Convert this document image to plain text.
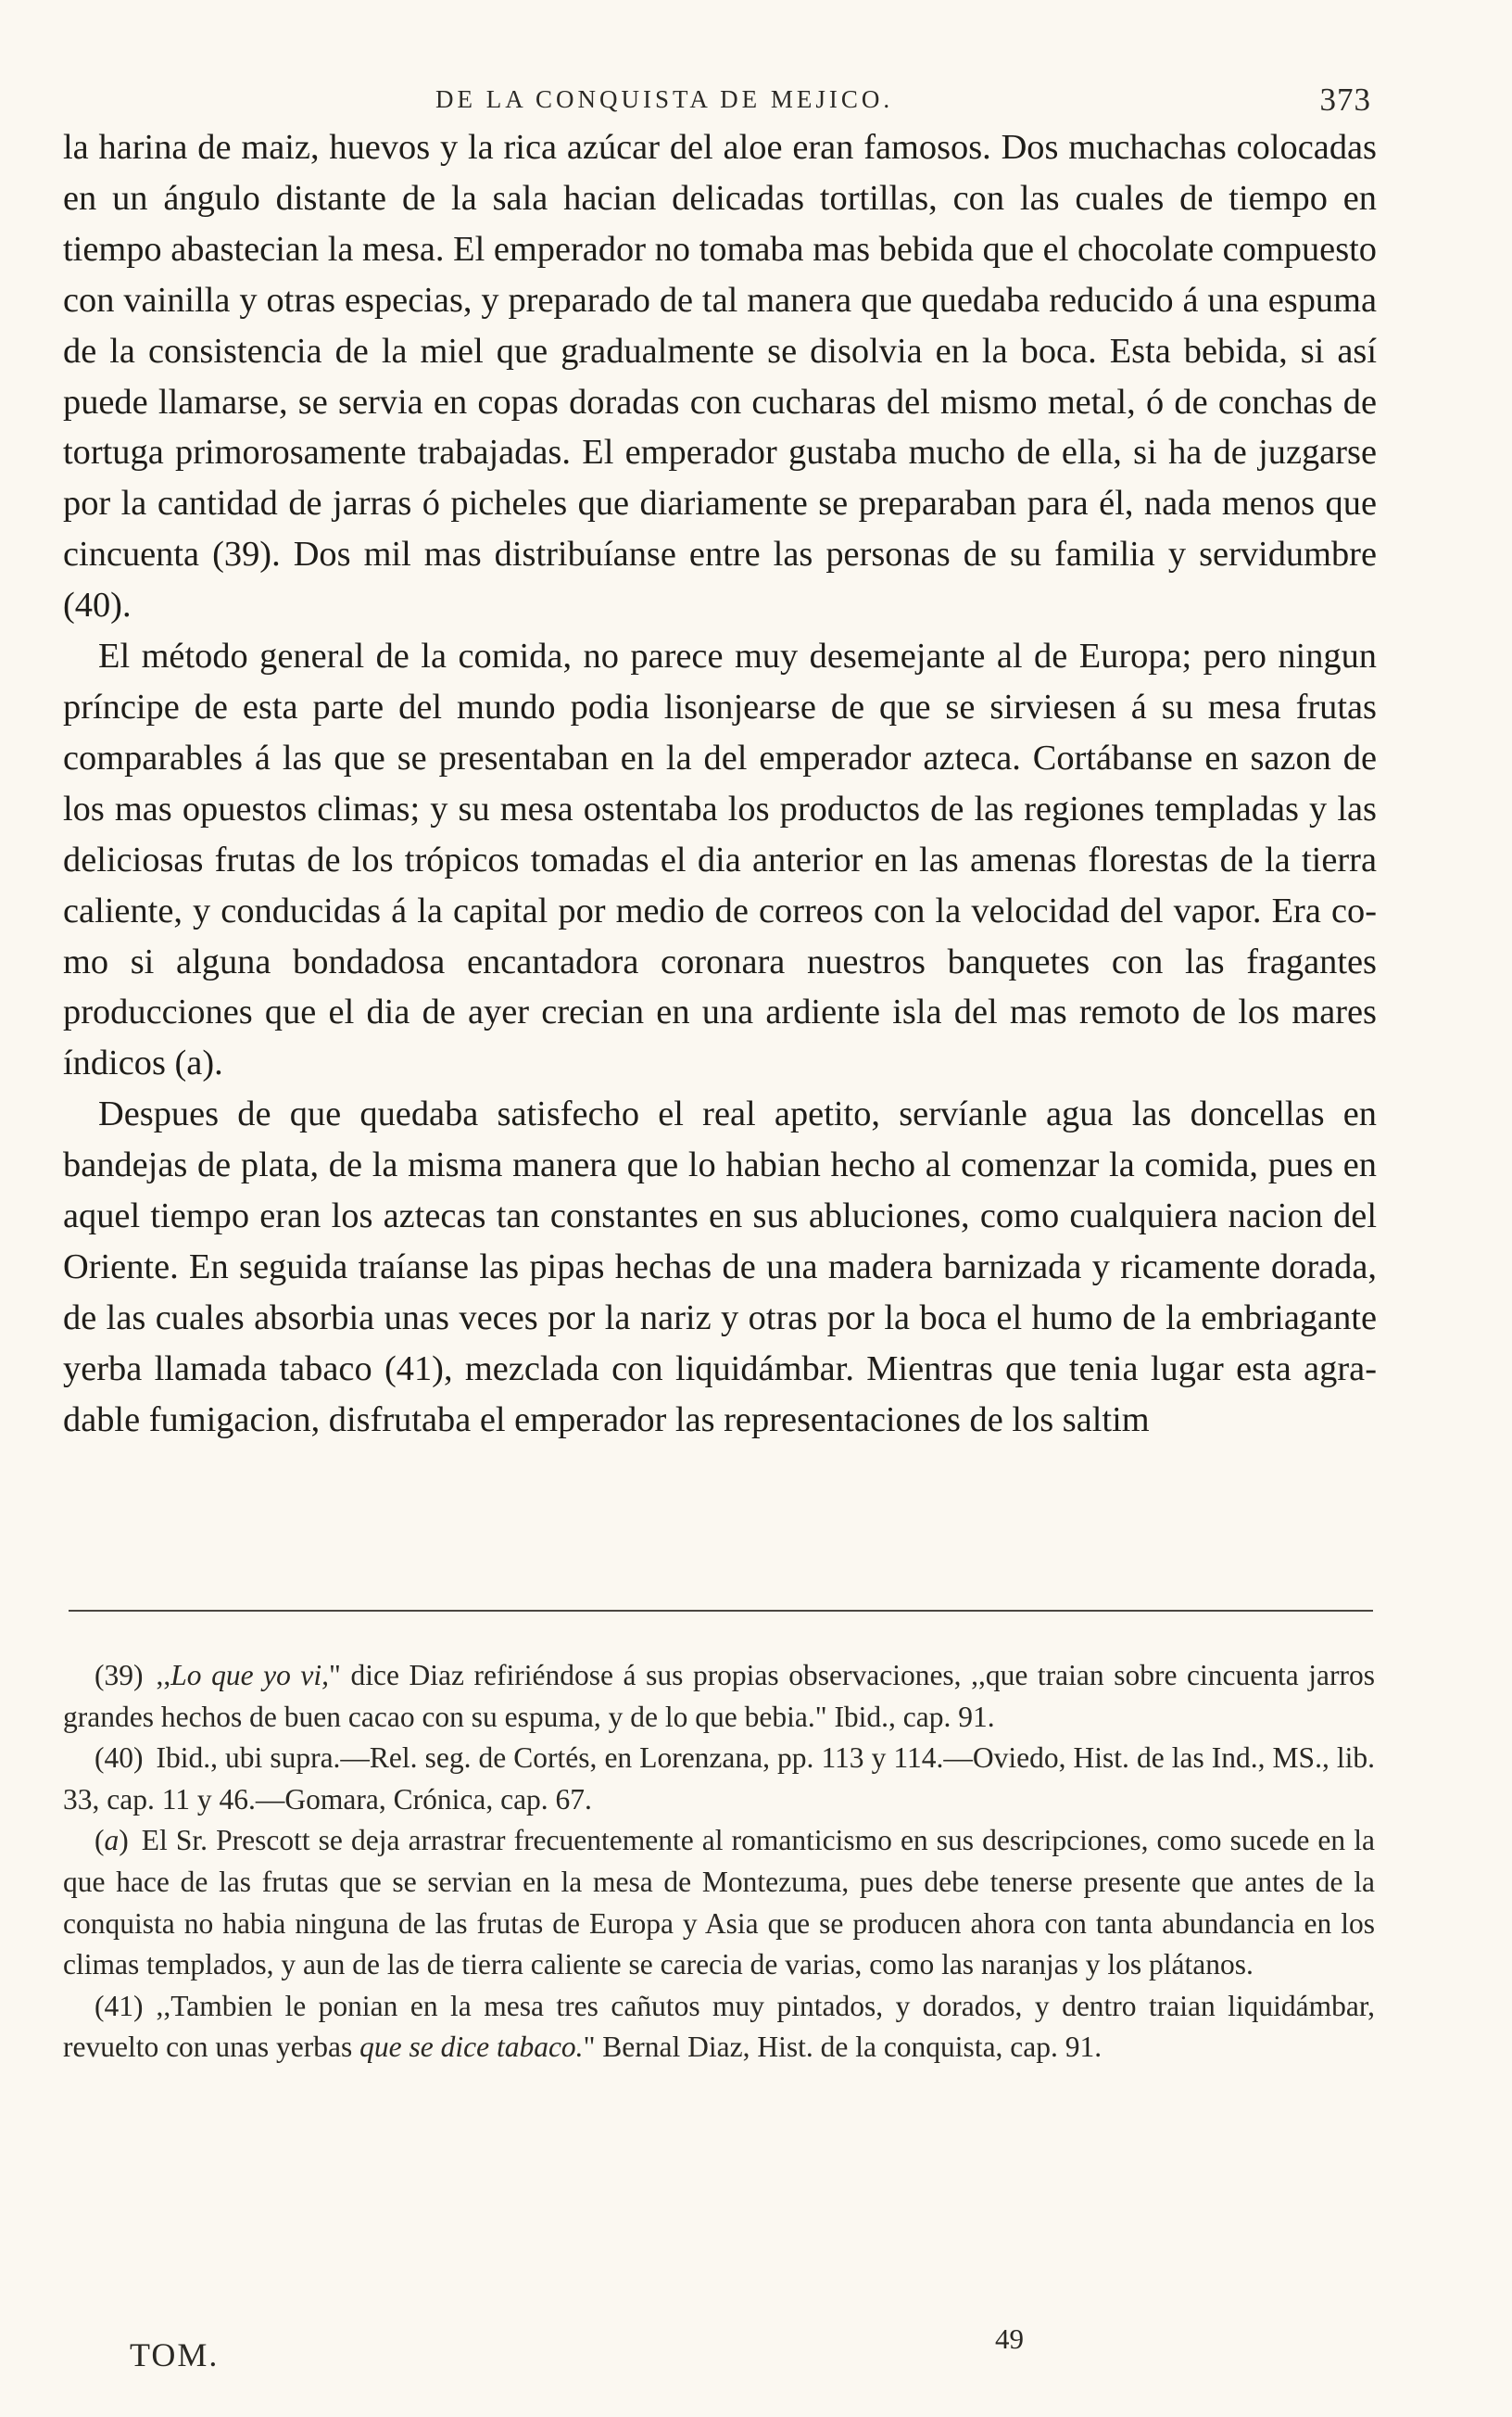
DE LA CONQUISTA DE MEJICO.	373

la harina de maiz, huevos y la rica azúcar del aloe eran famosos. Dos muchachas colocadas en un ángulo distante de la sala hacian delicadas tortillas, con las cuales de tiempo en tiempo abastecian la mesa. El emperador no tomaba mas bebida que el chocolate compuesto con vainilla y otras especias, y preparado de tal manera que quedaba reducido á una espuma de la consistencia de la miel que gradualmente se disolvia en la boca. Esta bebida, si así puede llamarse, se servia en copas doradas con cucharas del mismo metal, ó de conchas de tortuga primorosamente trabajadas. El emperador gustaba mucho de ella, si ha de juzgarse por la cantidad de jarras ó picheles que diariamente se preparaban para él, nada menos que cincuenta (39). Dos mil mas distribuíanse entre las personas de su familia y servidumbre (40).

El método general de la comida, no parece muy desemejante al de Europa; pero ningun príncipe de esta parte del mundo podia lisonjearse de que se sirviesen á su mesa frutas comparables á las que se presentaban en la del emperador azteca. Cortábanse en sazon de los mas opuestos climas; y su mesa ostentaba los productos de las regiones templadas y las deliciosas frutas de los trópicos tomadas el dia anterior en las amenas florestas de la tierra caliente, y conducidas á la capital por medio de correos con la velocidad del vapor. Era como si alguna bondadosa encantadora coronara nuestros banquetes con las fragantes producciones que el dia de ayer crecian en una ardiente isla del mas remoto de los mares índicos (a).

Despues de que quedaba satisfecho el real apetito, servíanle agua las doncellas en bandejas de plata, de la misma manera que lo habian hecho al comenzar la comida, pues en aquel tiempo eran los aztecas tan constantes en sus abluciones, como cualquiera nacion del Oriente. En seguida traíanse las pipas hechas de una madera barnizada y ricamente dorada, de las cuales absorbia unas veces por la nariz y otras por la boca el humo de la embriagante yerba llamada tabaco (41), mezclada con liquidámbar. Mientras que tenia lugar esta agradable fumigacion, disfrutaba el emperador las representaciones de los saltim

(39) ,,Lo que yo vi," dice Diaz refiriéndose á sus propias observaciones, ,,que traian sobre cincuenta jarros grandes hechos de buen cacao con su espuma, y de lo que bebia." Ibid., cap. 91.

(40) Ibid., ubi supra.—Rel. seg. de Cortés, en Lorenzana, pp. 113 y 114.—Oviedo, Hist. de las Ind., MS., lib. 33, cap. 11 y 46.—Gomara, Crónica, cap. 67.

(a) El Sr. Prescott se deja arrastrar frecuentemente al romanticismo en sus descripciones, como sucede en la que hace de las frutas que se servian en la mesa de Montezuma, pues debe tenerse presente que antes de la conquista no habia ninguna de las frutas de Europa y Asia que se producen ahora con tanta abundancia en los climas templados, y aun de las de tierra caliente se carecia de varias, como las naranjas y los plátanos.

(41) ,,Tambien le ponian en la mesa tres cañutos muy pintados, y dorados, y dentro traian liquidámbar, revuelto con unas yerbas que se dice tabaco." Bernal Diaz, Hist. de la conquista, cap. 91.

TOM.	49
